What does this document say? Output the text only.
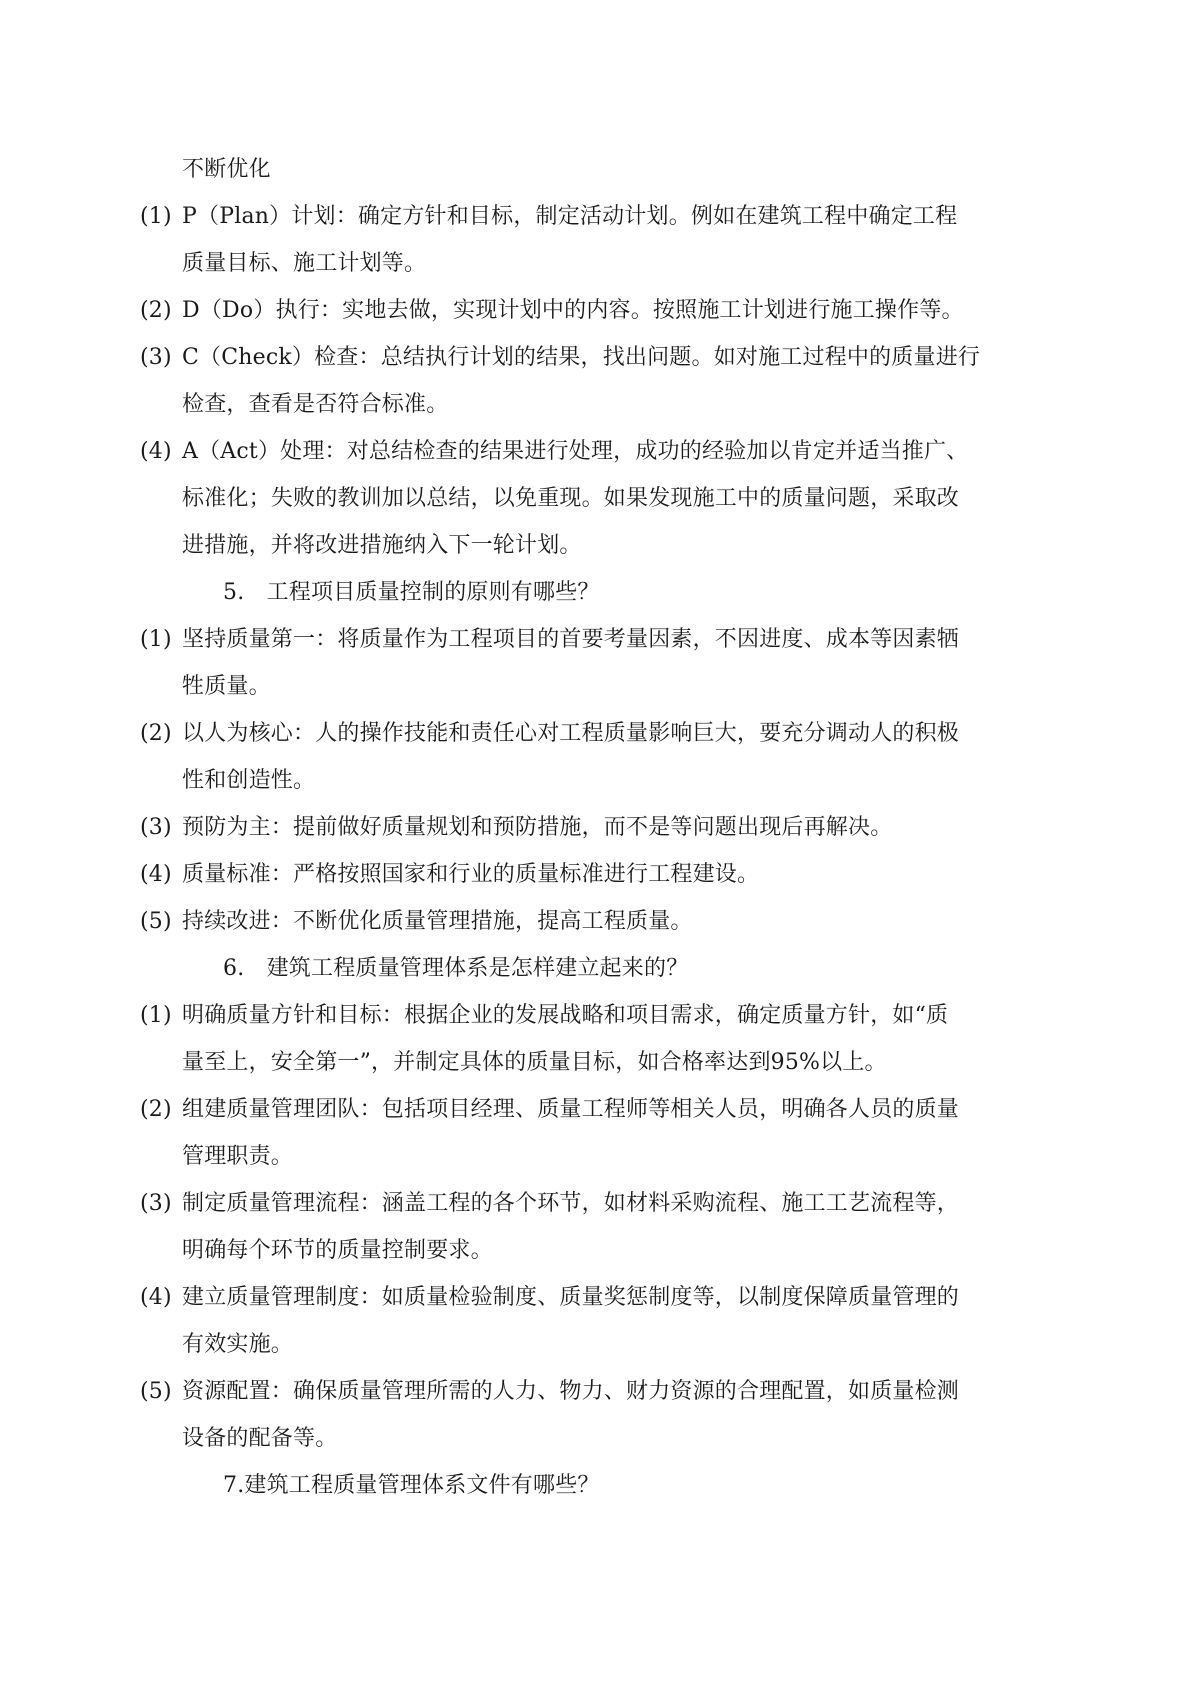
不断优化
(1) P（Plan）计划：确定方针和目标，制定活动计划。例如在建筑工程中确定工程
质量目标、施工计划等。
(2) D（Do）执行：实地去做，实现计划中的内容。按照施工计划进行施工操作等。
(3) C（Check）检查：总结执行计划的结果，找出问题。如对施工过程中的质量进行
检查，查看是否符合标准。
(4) A（Act）处理：对总结检查的结果进行处理，成功的经验加以肯定并适当推广、
标准化；失败的教训加以总结，以免重现。如果发现施工中的质量问题，采取改
进措施，并将改进措施纳入下一轮计划。
5.　工程项目质量控制的原则有哪些？
(1) 坚持质量第一：将质量作为工程项目的首要考量因素，不因进度、成本等因素牺
牲质量。
(2) 以人为核心：人的操作技能和责任心对工程质量影响巨大，要充分调动人的积极
性和创造性。
(3) 预防为主：提前做好质量规划和预防措施，而不是等问题出现后再解决。
(4) 质量标准：严格按照国家和行业的质量标准进行工程建设。
(5) 持续改进：不断优化质量管理措施，提高工程质量。
6.　建筑工程质量管理体系是怎样建立起来的？
(1) 明确质量方针和目标：根据企业的发展战略和项目需求，确定质量方针，如“质
量至上，安全第一”，并制定具体的质量目标，如合格率达到95%以上。
(2) 组建质量管理团队：包括项目经理、质量工程师等相关人员，明确各人员的质量
管理职责。
(3) 制定质量管理流程：涵盖工程的各个环节，如材料采购流程、施工工艺流程等，
明确每个环节的质量控制要求。
(4) 建立质量管理制度：如质量检验制度、质量奖惩制度等，以制度保障质量管理的
有效实施。
(5) 资源配置：确保质量管理所需的人力、物力、财力资源的合理配置，如质量检测
设备的配备等。
7.建筑工程质量管理体系文件有哪些？
